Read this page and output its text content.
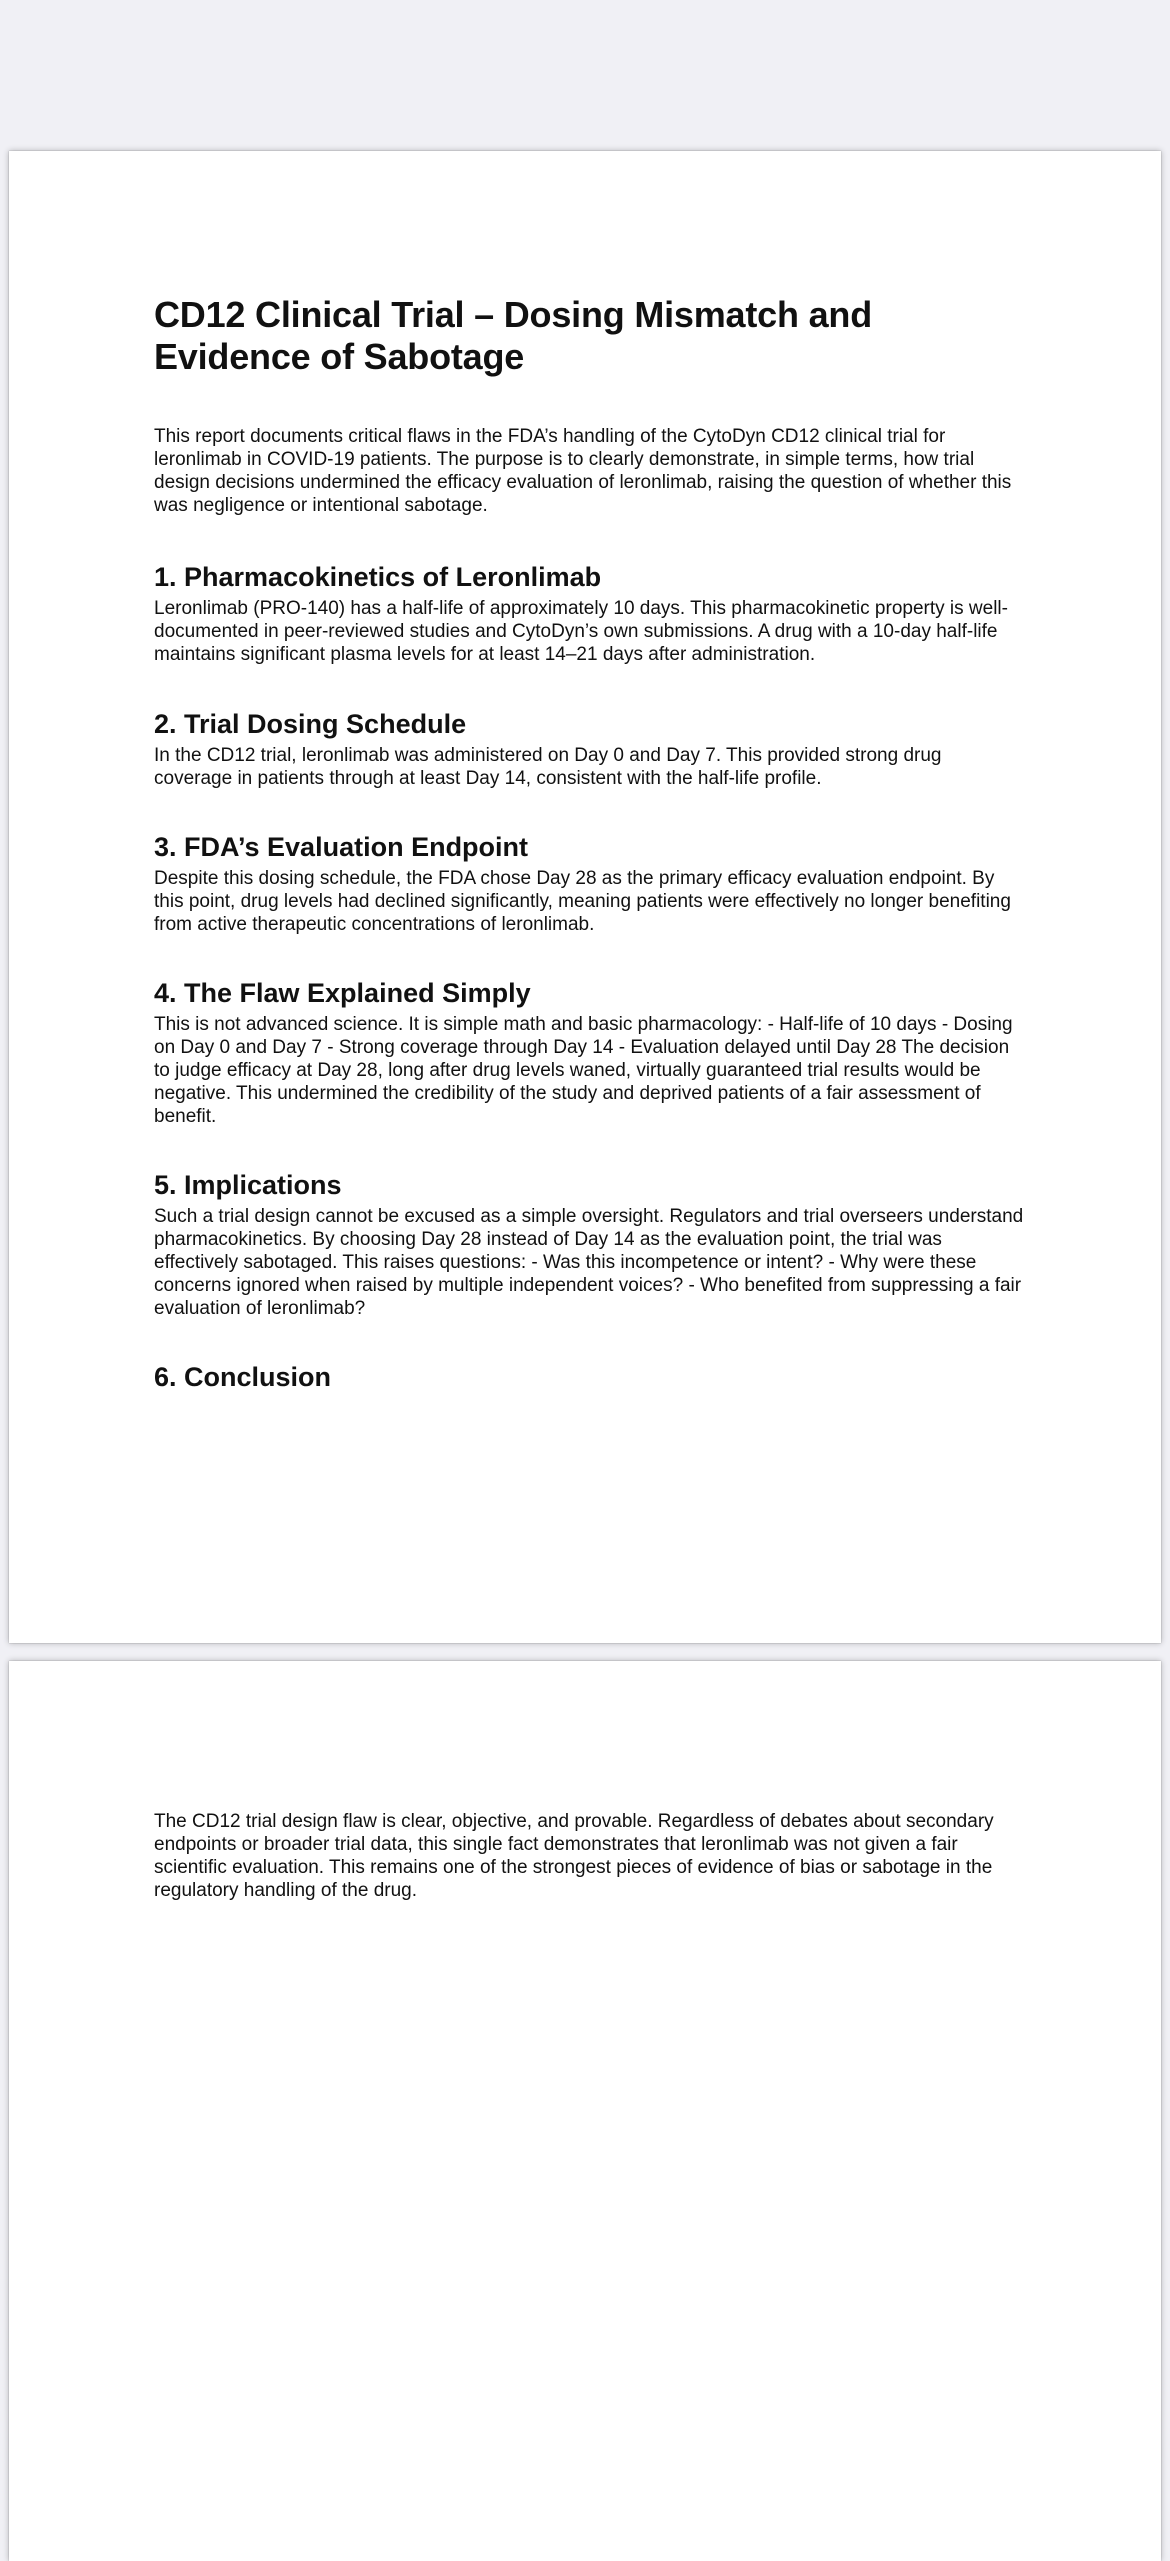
CD12 Clinical Trial – Dosing Mismatch and Evidence of Sabotage

This report documents critical flaws in the FDA’s handling of the CytoDyn CD12 clinical trial for leronlimab in COVID-19 patients. The purpose is to clearly demonstrate, in simple terms, how trial design decisions undermined the efficacy evaluation of leronlimab, raising the question of whether this was negligence or intentional sabotage.

1. Pharmacokinetics of Leronlimab

Leronlimab (PRO-140) has a half-life of approximately 10 days. This pharmacokinetic property is well-documented in peer-reviewed studies and CytoDyn’s own submissions. A drug with a 10-day half-life maintains significant plasma levels for at least 14–21 days after administration.

2. Trial Dosing Schedule

In the CD12 trial, leronlimab was administered on Day 0 and Day 7. This provided strong drug coverage in patients through at least Day 14, consistent with the half-life profile.

3. FDA’s Evaluation Endpoint

Despite this dosing schedule, the FDA chose Day 28 as the primary efficacy evaluation endpoint. By this point, drug levels had declined significantly, meaning patients were effectively no longer benefiting from active therapeutic concentrations of leronlimab.

4. The Flaw Explained Simply

This is not advanced science. It is simple math and basic pharmacology: - Half-life of 10 days - Dosing on Day 0 and Day 7 - Strong coverage through Day 14 - Evaluation delayed until Day 28 The decision to judge efficacy at Day 28, long after drug levels waned, virtually guaranteed trial results would be negative. This undermined the credibility of the study and deprived patients of a fair assessment of benefit.

5. Implications

Such a trial design cannot be excused as a simple oversight. Regulators and trial overseers understand pharmacokinetics. By choosing Day 28 instead of Day 14 as the evaluation point, the trial was effectively sabotaged. This raises questions: - Was this incompetence or intent? - Why were these concerns ignored when raised by multiple independent voices? - Who benefited from suppressing a fair evaluation of leronlimab?

6. Conclusion

The CD12 trial design flaw is clear, objective, and provable. Regardless of debates about secondary endpoints or broader trial data, this single fact demonstrates that leronlimab was not given a fair scientific evaluation. This remains one of the strongest pieces of evidence of bias or sabotage in the regulatory handling of the drug.
